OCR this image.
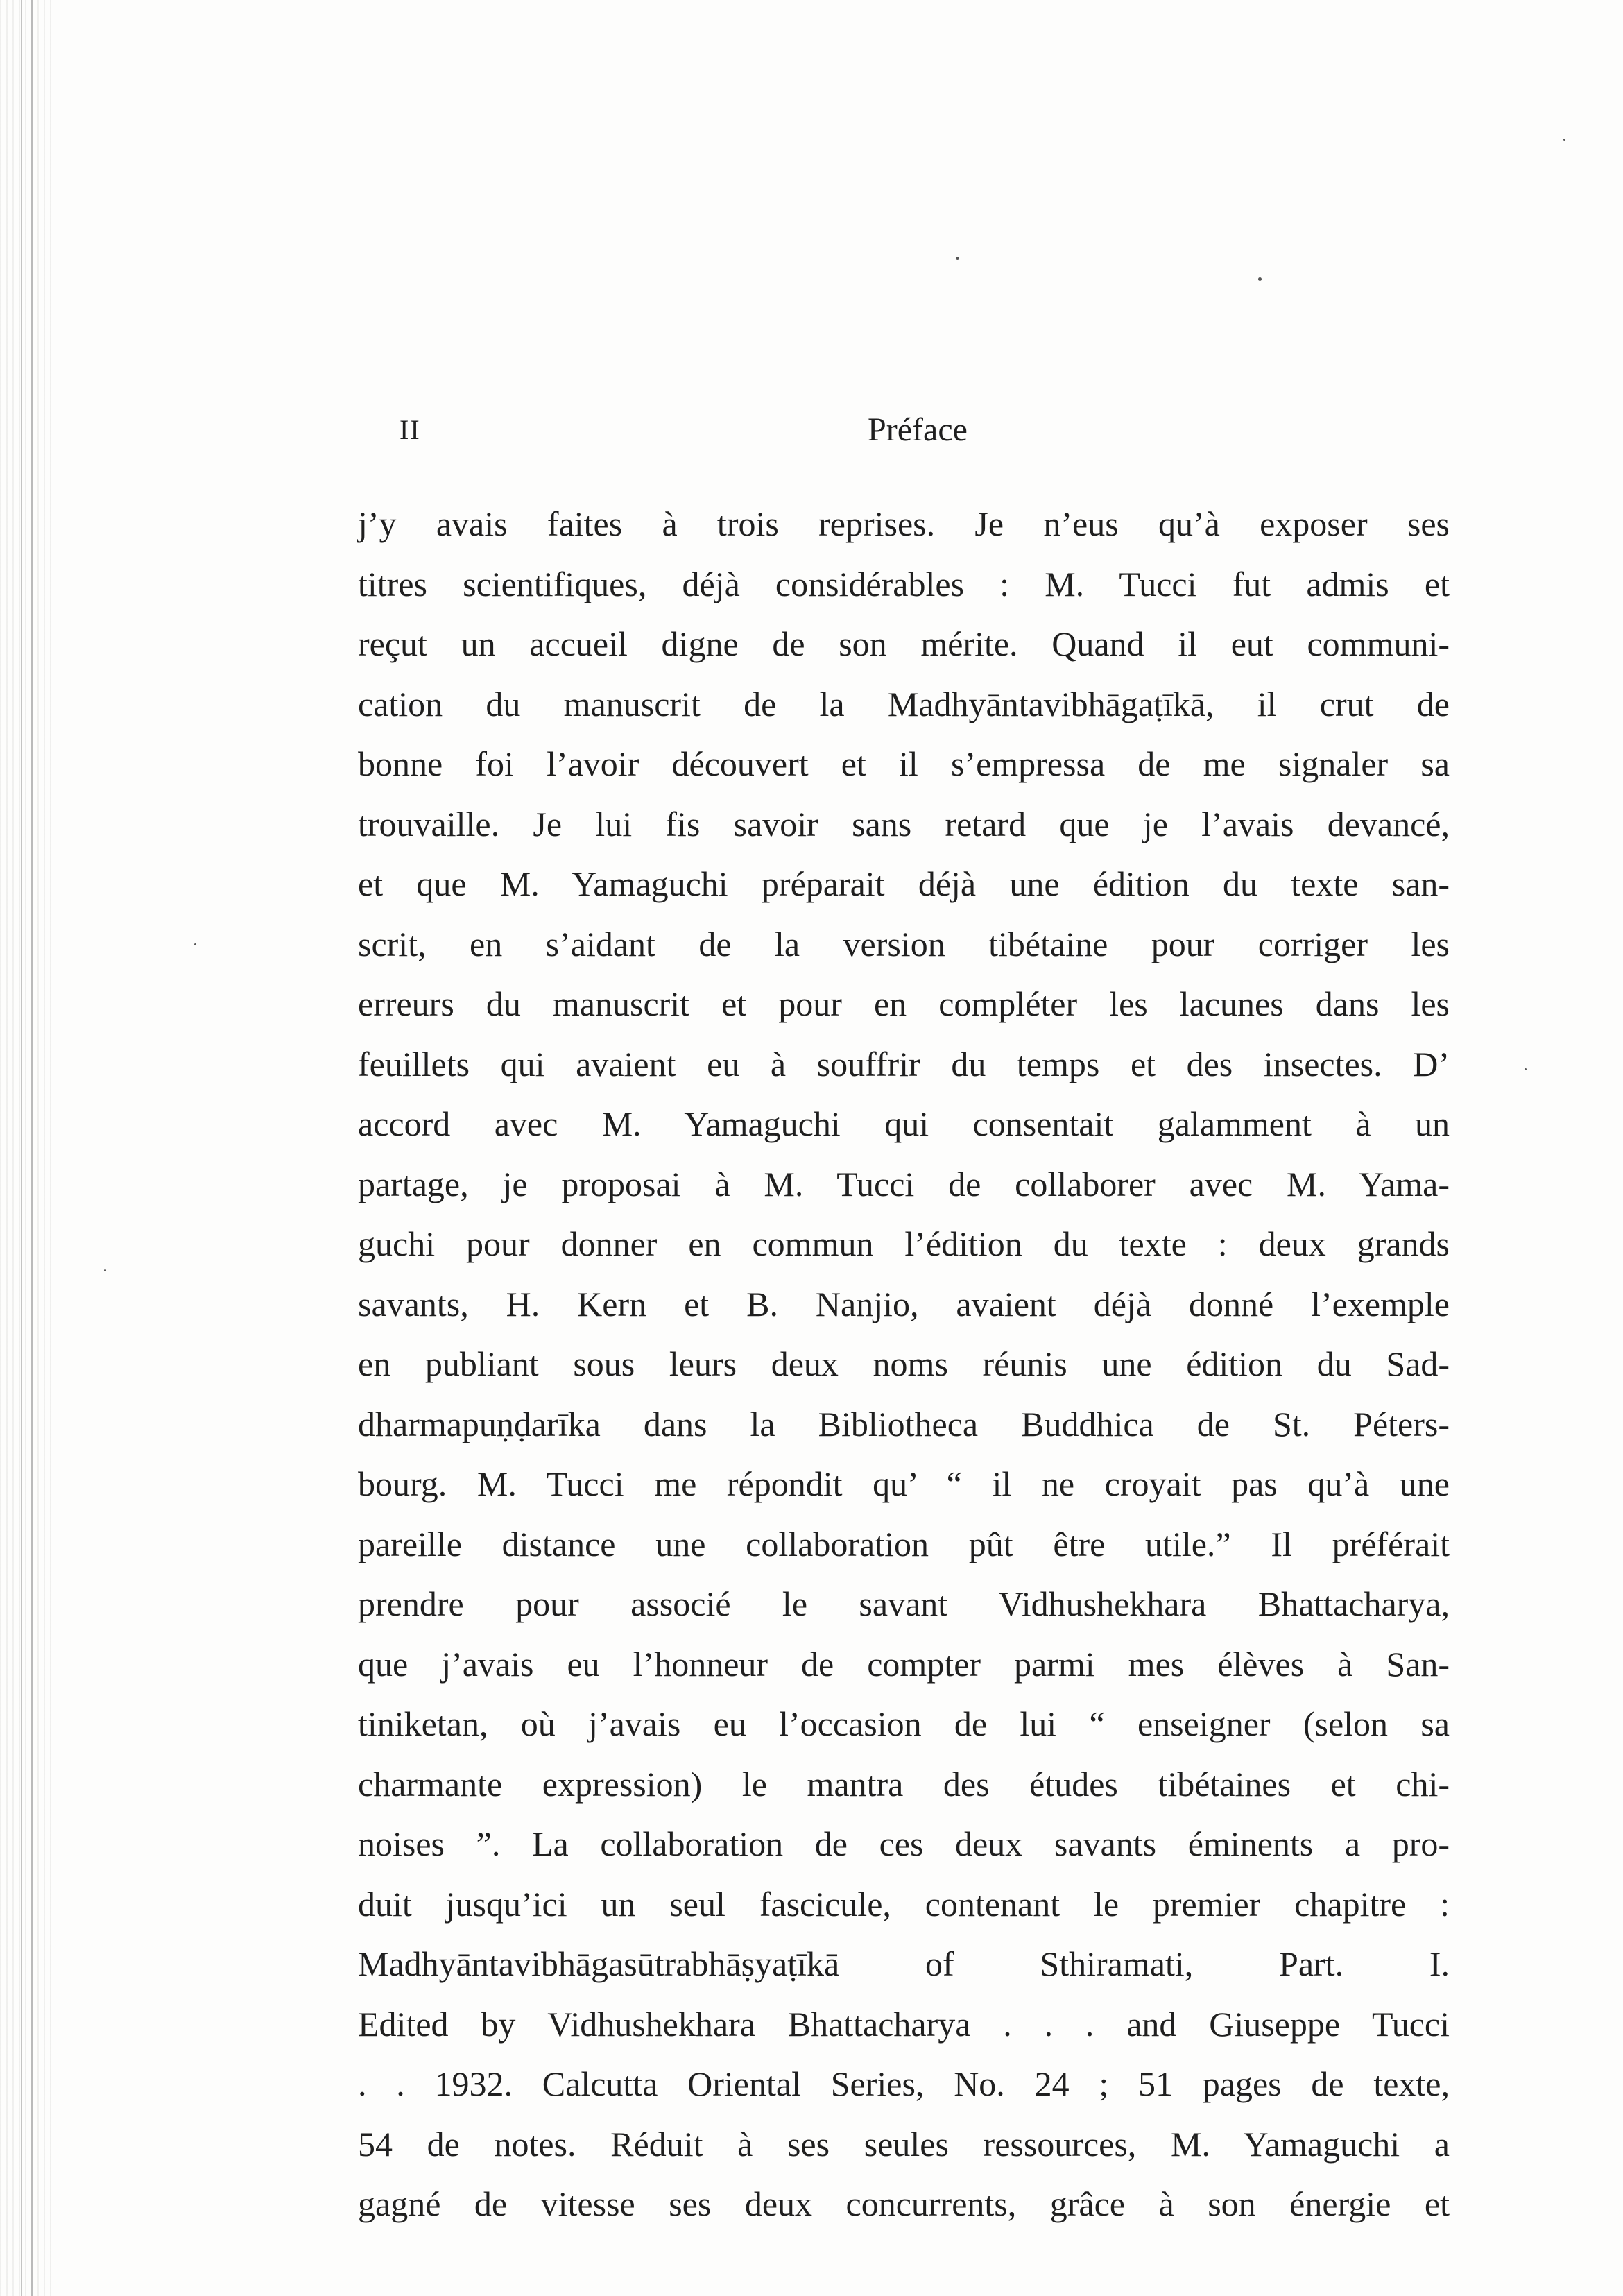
II	Préface
j’y avais faites à trois reprises. Je n’eus qu’à exposer ses
titres scientifiques, déjà considérables : M. Tucci fut admis et
reçut un accueil digne de son mérite. Quand il eut communi-
cation du manuscrit de la Madhyāntavibhāgaṭīkā, il crut de
bonne foi l’avoir découvert et il s’empressa de me signaler sa
trouvaille. Je lui fis savoir sans retard que je l’avais devancé,
et que M. Yamaguchi préparait déjà une édition du texte san-
scrit, en s’aidant de la version tibétaine pour corriger les
erreurs du manuscrit et pour en compléter les lacunes dans les
feuillets qui avaient eu à souffrir du temps et des insectes. D’
accord avec M. Yamaguchi qui consentait galamment à un
partage, je proposai à M. Tucci de collaborer avec M. Yama-
guchi pour donner en commun l’édition du texte : deux grands
savants, H. Kern et B. Nanjio, avaient déjà donné l’exemple
en publiant sous leurs deux noms réunis une édition du Sad-
dharmapuṇḍarīka dans la Bibliotheca Buddhica de St. Péters-
bourg. M. Tucci me répondit qu’ “ il ne croyait pas qu’à une
pareille distance une collaboration pût être utile.” Il préférait
prendre pour associé le savant Vidhushekhara Bhattacharya,
que j’avais eu l’honneur de compter parmi mes élèves à San-
tiniketan, où j’avais eu l’occasion de lui “ enseigner (selon sa
charmante expression) le mantra des études tibétaines et chi-
noises ”. La collaboration de ces deux savants éminents a pro-
duit jusqu’ici un seul fascicule, contenant le premier chapitre :
Madhyāntavibhāgasūtrabhāṣyaṭīkā of Sthiramati, Part. I.
Edited by Vidhushekhara Bhattacharya . . . and Giuseppe Tucci
. . 1932. Calcutta Oriental Series, No. 24 ; 51 pages de texte,
54 de notes. Réduit à ses seules ressources, M. Yamaguchi a
gagné de vitesse ses deux concurrents, grâce à son énergie et
